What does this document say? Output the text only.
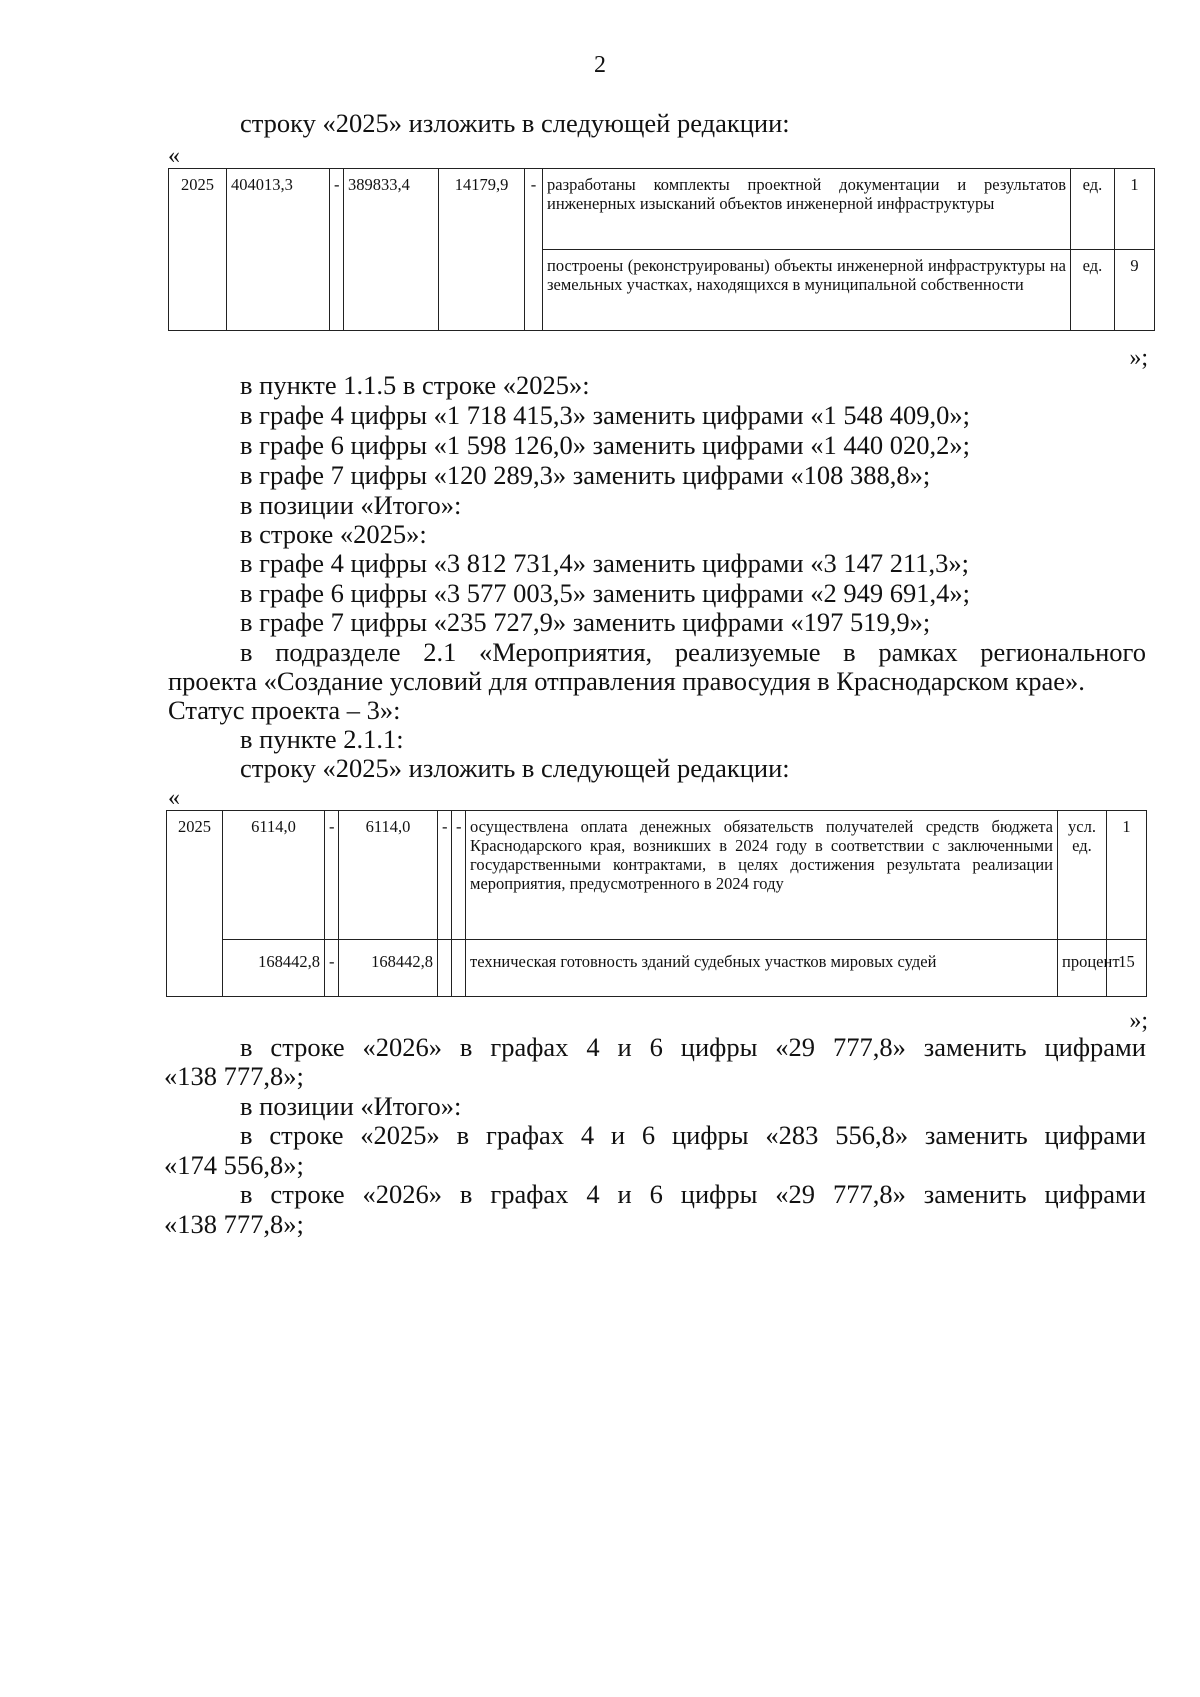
2
строку «2025» изложить в следующей редакции:
«
2025	404013,3	-	389833,4	14179,9	-	разработаны комплекты проектной документации и результатов инженерных изысканий объектов инженерной инфраструктуры	ед.	1
						построены (реконструированы) объекты инженерной инфраструктуры на земельных участках, находящихся в муниципальной собственности	ед.	9
»;
в пункте 1.1.5 в строке «2025»:
в графе 4 цифры «1 718 415,3» заменить цифрами «1 548 409,0»;
в графе 6 цифры «1 598 126,0» заменить цифрами «1 440 020,2»;
в графе 7 цифры «120 289,3» заменить цифрами «108 388,8»;
в позиции «Итого»:
в строке «2025»:
в графе 4 цифры «3 812 731,4» заменить цифрами «3 147 211,3»;
в графе 6 цифры «3 577 003,5» заменить цифрами «2 949 691,4»;
в графе 7 цифры «235 727,9» заменить цифрами «197 519,9»;
в подразделе 2.1 «Мероприятия, реализуемые в рамках регионального
проекта «Создание условий для отправления правосудия в Краснодарском крае».
Статус проекта – 3»:
в пункте 2.1.1:
строку «2025» изложить в следующей редакции:
«
2025	6114,0	-	6114,0	-	-	осуществлена оплата денежных обязательств получателей средств бюджета Краснодарского края, возникших в 2024 году в соответствии с заключенными государственными контрактами, в целях достижения результата реализации мероприятия, предусмотренного в 2024 году	усл. ед.	1
	168442,8	-	168442,8			техническая готовность зданий судебных участков мировых судей	процент	15
»;
в строке «2026» в графах 4 и 6 цифры «29 777,8» заменить цифрами
«138 777,8»;
в позиции «Итого»:
в строке «2025» в графах 4 и 6 цифры «283 556,8» заменить цифрами
«174 556,8»;
в строке «2026» в графах 4 и 6 цифры «29 777,8» заменить цифрами
«138 777,8»;
